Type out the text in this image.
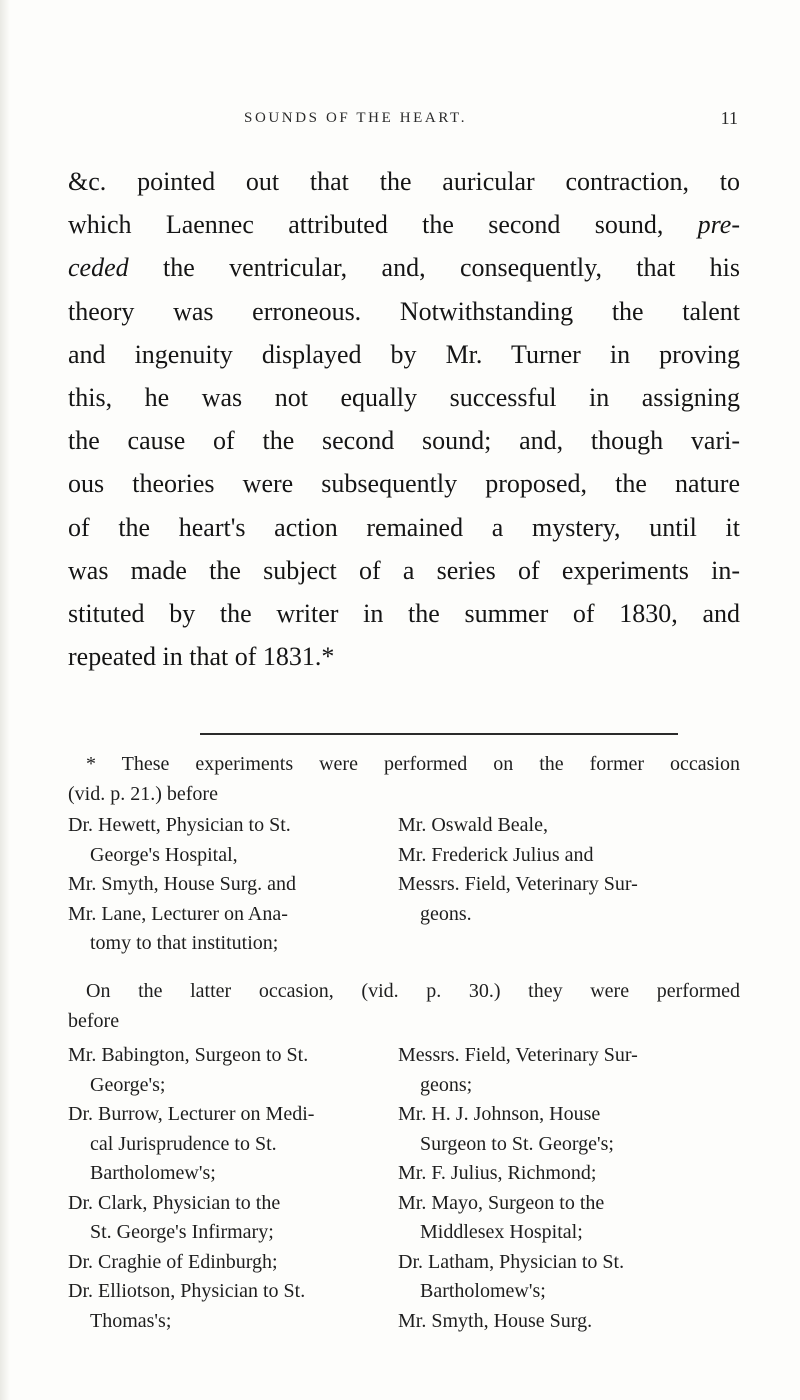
SOUNDS OF THE HEART.	11
&c. pointed out that the auricular contraction, to
which Laennec attributed the second sound, pre-
ceded the ventricular, and, consequently, that his
theory was erroneous. Notwithstanding the talent
and ingenuity displayed by Mr. Turner in proving
this, he was not equally successful in assigning
the cause of the second sound; and, though vari-
ous theories were subsequently proposed, the nature
of the heart's action remained a mystery, until it
was made the subject of a series of experiments in-
stituted by the writer in the summer of 1830, and
repeated in that of 1831.*
* These experiments were performed on the former occasion
(vid. p. 21.) before
Dr. Hewett, Physician to St.
George's Hospital,
Mr. Smyth, House Surg. and
Mr. Lane, Lecturer on Ana-
tomy to that institution;
Mr. Oswald Beale,
Mr. Frederick Julius and
Messrs. Field, Veterinary Sur-
geons.
On the latter occasion, (vid. p. 30.) they were performed
before
Mr. Babington, Surgeon to St.
George's;
Dr. Burrow, Lecturer on Medi-
cal Jurisprudence to St.
Bartholomew's;
Dr. Clark, Physician to the
St. George's Infirmary;
Dr. Craghie of Edinburgh;
Dr. Elliotson, Physician to St.
Thomas's;
Messrs. Field, Veterinary Sur-
geons;
Mr. H. J. Johnson, House
Surgeon to St. George's;
Mr. F. Julius, Richmond;
Mr. Mayo, Surgeon to the
Middlesex Hospital;
Dr. Latham, Physician to St.
Bartholomew's;
Mr. Smyth, House Surg.
